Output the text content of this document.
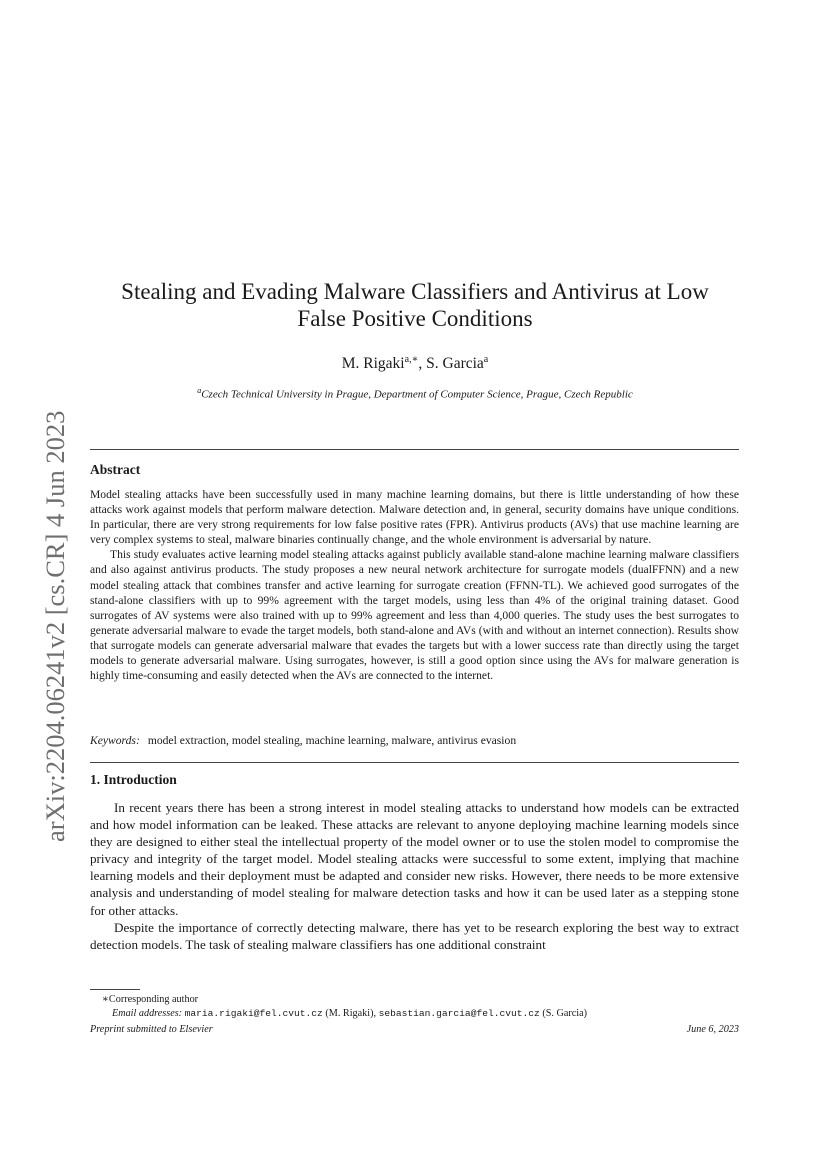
arXiv:2204.06241v2 [cs.CR] 4 Jun 2023
Stealing and Evading Malware Classifiers and Antivirus at Low
False Positive Conditions
M. Rigaki$^{a,∗}$, S. Garcia$^a$
$^a$Czech Technical University in Prague, Department of Computer Science, Prague, Czech Republic
Abstract

Model stealing attacks have been successfully used in many machine learning domains, but there is little understanding of how these attacks work against models that perform malware detection. Malware detection and, in general, security domains have unique conditions. In particular, there are very strong requirements for low false positive rates (FPR). Antivirus products (AVs) that use machine learning are very complex systems to steal, malware binaries continually change, and the whole environment is adversarial by nature.

This study evaluates active learning model stealing attacks against publicly available stand-alone machine learning malware classifiers and also against antivirus products. The study proposes a new neural network architecture for surrogate models (dualFFNN) and a new model stealing attack that combines transfer and active learning for surrogate creation (FFNN-TL). We achieved good surrogates of the stand-alone classifiers with up to 99% agreement with the target models, using less than 4% of the original training dataset. Good surrogates of AV systems were also trained with up to 99% agreement and less than 4,000 queries. The study uses the best surrogates to generate adversarial malware to evade the target models, both stand-alone and AVs (with and without an internet connection). Results show that surrogate models can generate adversarial malware that evades the targets but with a lower success rate than directly using the target models to generate adversarial malware. Using surrogates, however, is still a good option since using the AVs for malware generation is highly time-consuming and easily detected when the AVs are connected to the internet.

Keywords: model extraction, model stealing, machine learning, malware, antivirus evasion
1. Introduction

In recent years there has been a strong interest in model stealing attacks to understand how models can be extracted and how model information can be leaked. These attacks are relevant to anyone deploying machine learning models since they are designed to either steal the intellectual property of the model owner or to use the stolen model to compromise the privacy and integrity of the target model. Model stealing attacks were successful to some extent, implying that machine learning models and their deployment must be adapted and consider new risks. However, there needs to be more extensive analysis and understanding of model stealing for malware detection tasks and how it can be used later as a stepping stone for other attacks.

Despite the importance of correctly detecting malware, there has yet to be research exploring the best way to extract detection models. The task of stealing malware classifiers has one additional constraint

∗Corresponding author
Email addresses: maria.rigaki@fel.cvut.cz (M. Rigaki), sebastian.garcia@fel.cvut.cz (S. Garcia)
Preprint submitted to Elsevier	June 6, 2023
